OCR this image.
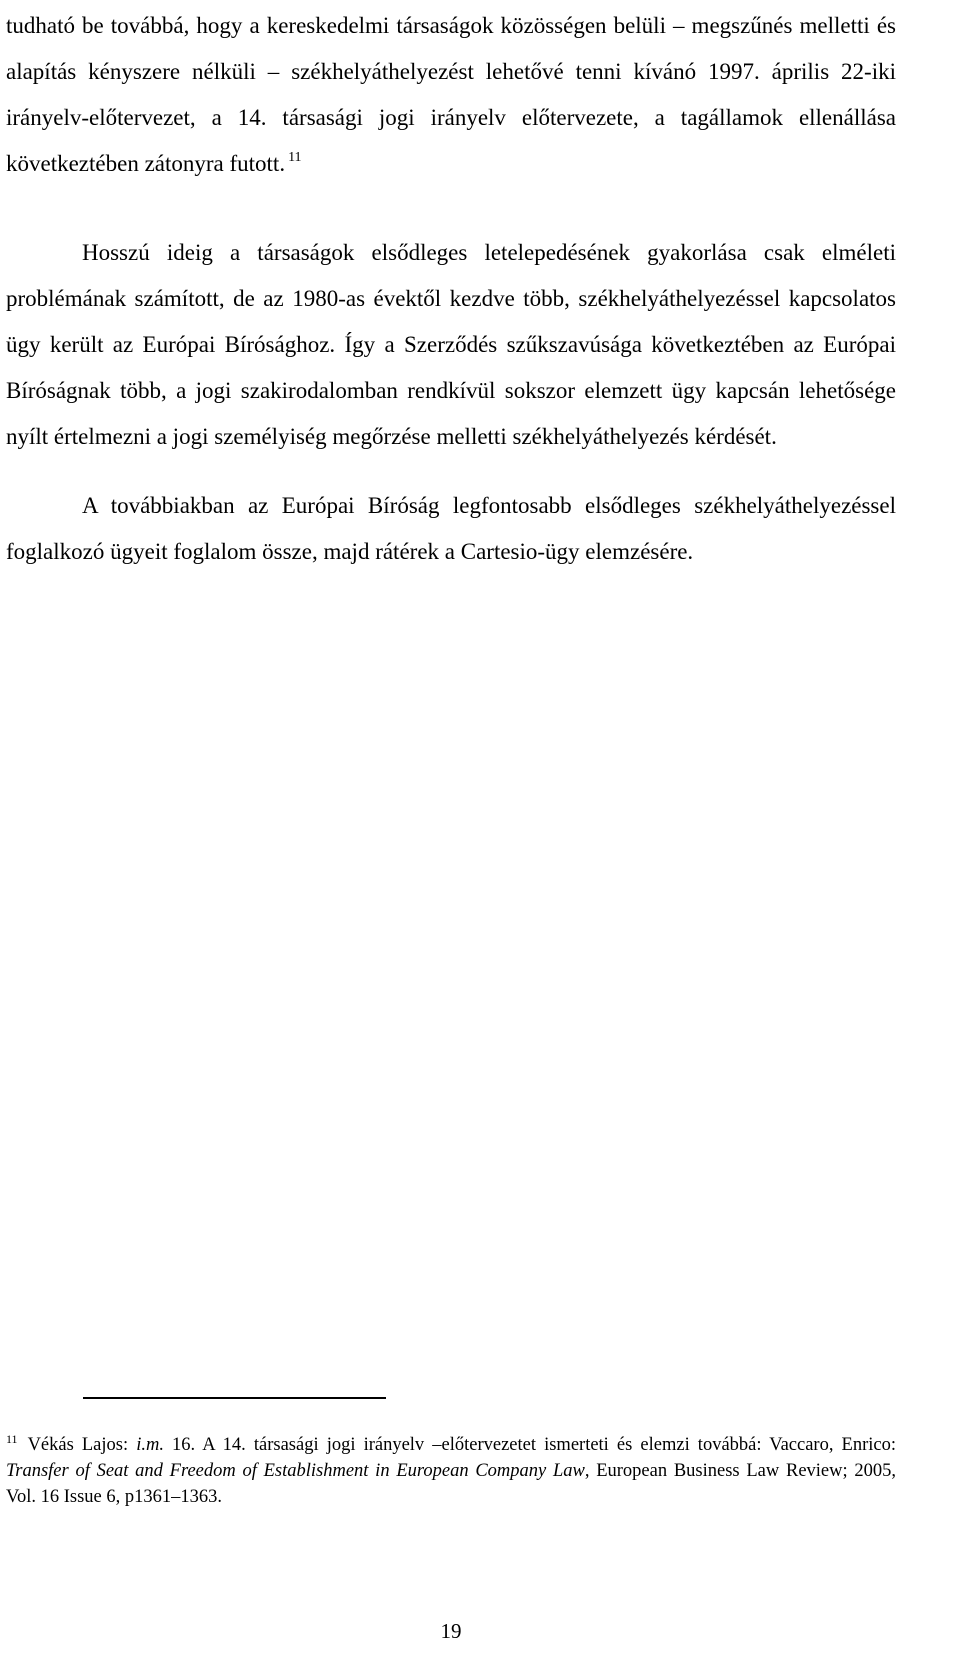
tudható be továbbá, hogy a kereskedelmi társaságok közösségen belüli – megszűnés melletti és alapítás kényszere nélküli – székhelyáthelyezést lehetővé tenni kívánó 1997. április 22-iki irányelv-előtervezet, a 14. társasági jogi irányelv előtervezete, a tagállamok ellenállása következtében zátonyra futott. $^{11}$

Hosszú ideig a társaságok elsődleges letelepedésének gyakorlása csak elméleti problémának számított, de az 1980-as évektől kezdve több, székhelyáthelyezéssel kapcsolatos ügy került az Európai Bírósághoz. Így a Szerződés szűkszavúsága következtében az Európai Bíróságnak több, a jogi szakirodalomban rendkívül sokszor elemzett ügy kapcsán lehetősége nyílt értelmezni a jogi személyiség megőrzése melletti székhelyáthelyezés kérdését.

A továbbiakban az Európai Bíróság legfontosabb elsődleges székhelyáthelyezéssel foglalkozó ügyeit foglalom össze, majd rátérek a Cartesio-ügy elemzésére.

$^{11}$ Vékás Lajos: i.m. 16. A 14. társasági jogi irányelv –előtervezetet ismerteti és elemzi továbbá: Vaccaro, Enrico: Transfer of Seat and Freedom of Establishment in European Company Law, European Business Law Review; 2005, Vol. 16 Issue 6, p1361–1363.

19
